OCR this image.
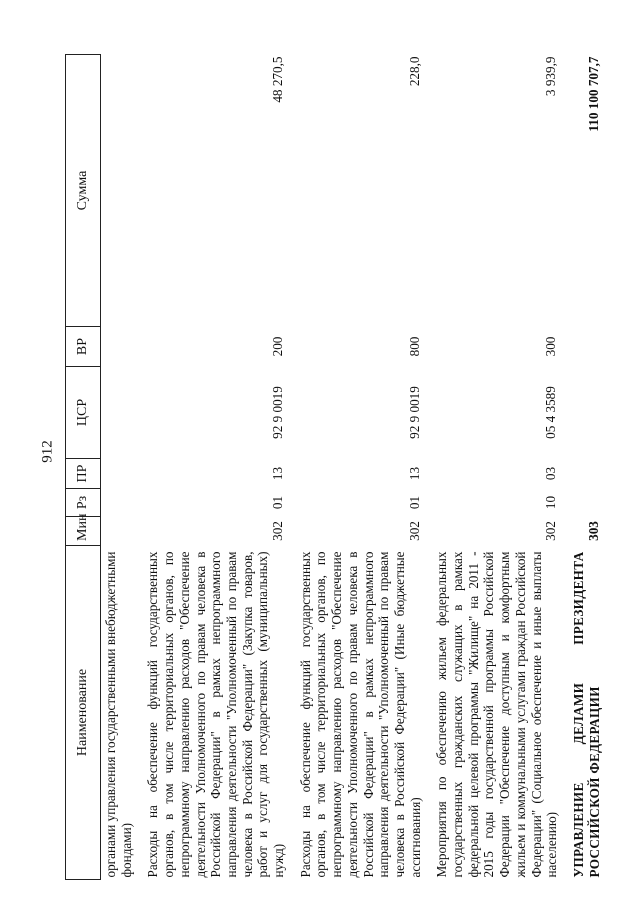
912
Наименование	Мин	Рз	ПР	ЦСР	ВР	Сумма
органами управления государственными внебюджетными фондами)						
Расходы на обеспечение функций государственных органов, в том числе территориальных органов, по непрограммному направлению расходов "Обеспечение деятельности Уполномоченного по правам человека в Российской Федерации" в рамках непрограммного направления деятельности "Уполномоченный по правам человека в Российской Федерации" (Закупка товаров, работ и услуг для государственных (муниципальных) нужд)	302	01	13	92 9 0019	200	48 270,5
Расходы на обеспечение функций государственных органов, в том числе территориальных органов, по непрограммному направлению расходов "Обеспечение деятельности Уполномоченного по правам человека в Российской Федерации" в рамках непрограммного направления деятельности "Уполномоченный по правам человека в Российской Федерации" (Иные бюджетные ассигнования)	302	01	13	92 9 0019	800	228,0
Мероприятия по обеспечению жильем федеральных государственных гражданских служащих в рамках федеральной целевой программы "Жилище" на 2011 - 2015 годы государственной программы Российской Федерации "Обеспечение доступным и комфортным жильем и коммунальными услугами граждан Российской Федерации" (Социальное обеспечение и иные выплаты населению)	302	10	03	05 4 3589	300	3 939,9
УПРАВЛЕНИЕ ДЕЛАМИ ПРЕЗИДЕНТА РОССИЙСКОЙ ФЕДЕРАЦИИ	303					110 100 707,7
